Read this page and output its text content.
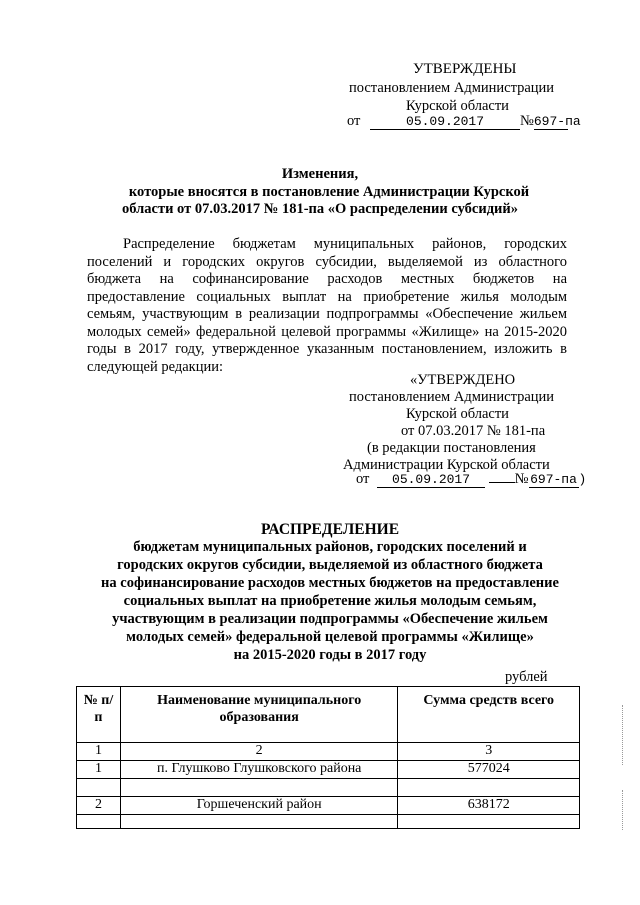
УТВЕРЖДЕНЫ
постановлением Администрации
Курской области
от	05.09.2017 №697-па
Изменения,
которые вносятся в постановление Администрации Курской
области от 07.03.2017 № 181-па «О распределении субсидий»
Распределение бюджетам муниципальных районов, городских
поселений и городских округов субсидии, выделяемой из областного
бюджета на софинансирование расходов местных бюджетов на
предоставление социальных выплат на приобретение жилья молодым
семьям, участвующим в реализации подпрограммы «Обеспечение жильем
молодых семей» федеральной целевой программы «Жилище» на 2015-2020
годы в 2017 году, утвержденное указанным постановлением, изложить в
следующей редакции:
«УТВЕРЖДЕНО
постановлением Администрации
Курской области
от 07.03.2017 № 181-па
(в редакции постановления
Администрации Курской области
от 05.09.2017	№ 697-па )
РАСПРЕДЕЛЕНИЕ
бюджетам муниципальных районов, городских поселений и
городских округов субсидии, выделяемой из областного бюджета
на софинансирование расходов местных бюджетов на предоставление
социальных выплат на приобретение жилья молодым семьям,
участвующим в реализации подпрограммы «Обеспечение жильем
молодых семей» федеральной целевой программы «Жилище»
на 2015-2020 годы в 2017 году
рублей
№ п/п	Наименование муниципального образования	Сумма средств всего
1	2	3
1	п. Глушково Глушковского района	577024

2	Горшеченский район	638172
